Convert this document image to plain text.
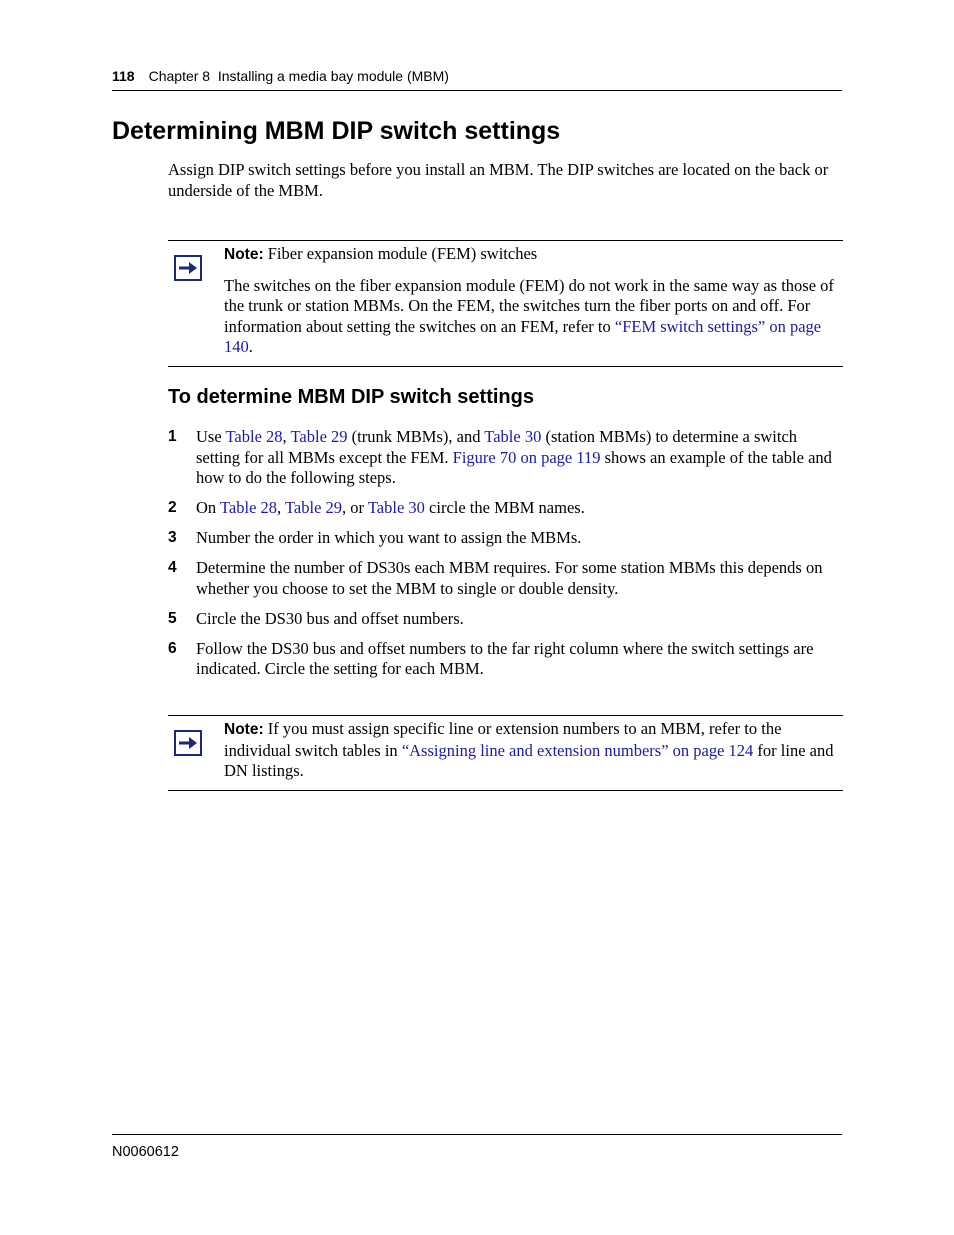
118 Chapter 8  Installing a media bay module (MBM)
Determining MBM DIP switch settings

Assign DIP switch settings before you install an MBM. The DIP switches are located on the back or underside of the MBM.

Note: Fiber expansion module (FEM) switches

The switches on the fiber expansion module (FEM) do not work in the same way as those of the trunk or station MBMs. On the FEM, the switches turn the fiber ports on and off. For information about setting the switches on an FEM, refer to “FEM switch settings” on page 140.

To determine MBM DIP switch settings
1 Use Table 28, Table 29 (trunk MBMs), and Table 30 (station MBMs) to determine a switch setting for all MBMs except the FEM. Figure 70 on page 119 shows an example of the table and how to do the following steps.
2 On Table 28, Table 29, or Table 30 circle the MBM names.
3 Number the order in which you want to assign the MBMs.
4 Determine the number of DS30s each MBM requires. For some station MBMs this depends on whether you choose to set the MBM to single or double density.
5 Circle the DS30 bus and offset numbers.
6 Follow the DS30 bus and offset numbers to the far right column where the switch settings are indicated. Circle the setting for each MBM.

Note: If you must assign specific line or extension numbers to an MBM, refer to the individual switch tables in “Assigning line and extension numbers” on page 124 for line and DN listings.

N0060612
